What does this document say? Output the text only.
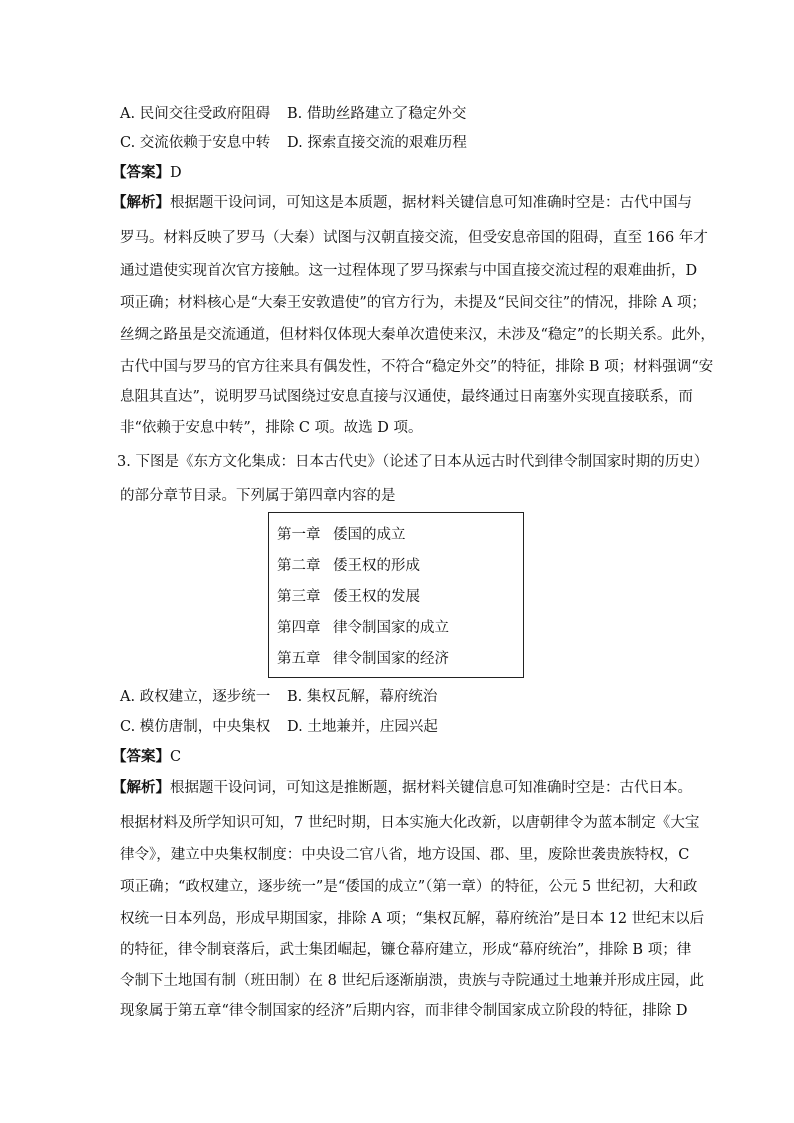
A. 民间交往受政府阻碍 B. 借助丝路建立了稳定外交
C. 交流依赖于安息中转 D. 探索直接交流的艰难历程
【答案】D
【解析】根据题干设问词，可知这是本质题，据材料关键信息可知准确时空是：古代中国与
罗马。材料反映了罗马（大秦）试图与汉朝直接交流，但受安息帝国的阻碍，直至 166 年才
通过遣使实现首次官方接触。这一过程体现了罗马探索与中国直接交流过程的艰难曲折，D
项正确；材料核心是“大秦王安敦遣使”的官方行为，未提及“民间交往”的情况，排除 A 项；
丝绸之路虽是交流通道，但材料仅体现大秦单次遣使来汉，未涉及“稳定”的长期关系。此外，
古代中国与罗马的官方往来具有偶发性，不符合“稳定外交”的特征，排除 B 项；材料强调“安
息阻其直达”，说明罗马试图绕过安息直接与汉通使，最终通过日南塞外实现直接联系，而
非“依赖于安息中转”，排除 C 项。故选 D 项。
3. 下图是《东方文化集成：日本古代史》（论述了日本从远古时代到律令制国家时期的历史）
的部分章节目录。下列属于第四章内容的是
第一章 倭国的成立
第二章 倭王权的形成
第三章 倭王权的发展
第四章 律令制国家的成立
第五章 律令制国家的经济
A. 政权建立，逐步统一 B. 集权瓦解，幕府统治
C. 模仿唐制，中央集权 D. 土地兼并，庄园兴起
【答案】C
【解析】根据题干设问词，可知这是推断题，据材料关键信息可知准确时空是：古代日本。
根据材料及所学知识可知，7 世纪时期，日本实施大化改新，以唐朝律令为蓝本制定《大宝
律令》，建立中央集权制度：中央设二官八省，地方设国、郡、里，废除世袭贵族特权，C
项正确；“政权建立，逐步统一”是“倭国的成立”（第一章）的特征，公元 5 世纪初，大和政
权统一日本列岛，形成早期国家，排除 A 项；“集权瓦解，幕府统治”是日本 12 世纪末以后
的特征，律令制衰落后，武士集团崛起，镰仓幕府建立，形成“幕府统治”，排除 B 项；律
令制下土地国有制（班田制）在 8 世纪后逐渐崩溃，贵族与寺院通过土地兼并形成庄园，此
现象属于第五章“律令制国家的经济”后期内容，而非律令制国家成立阶段的特征，排除 D
